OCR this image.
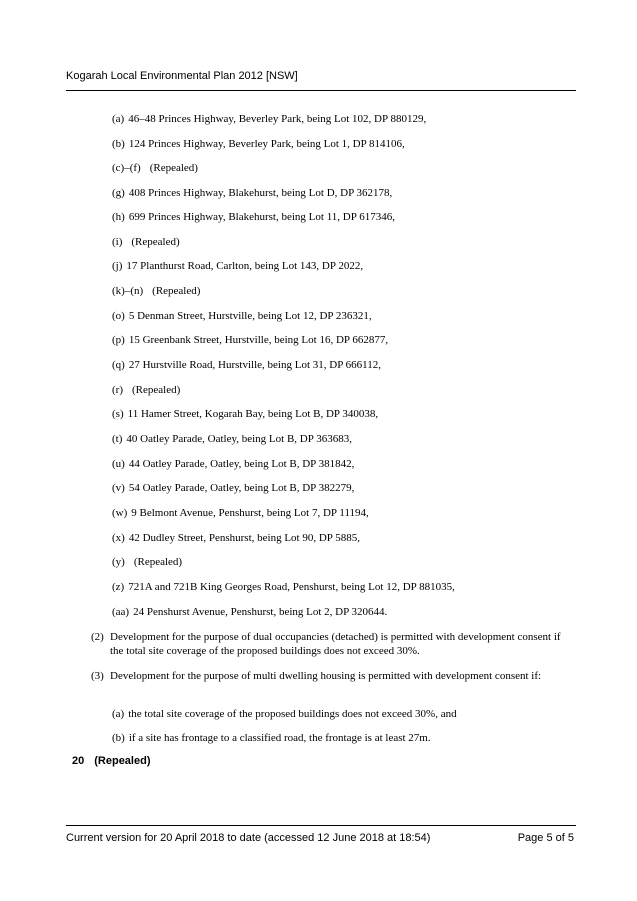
Kogarah Local Environmental Plan 2012 [NSW]
(a) 46–48 Princes Highway, Beverley Park, being Lot 102, DP 880129,
(b) 124 Princes Highway, Beverley Park, being Lot 1, DP 814106,
(c)–(f) (Repealed)
(g) 408 Princes Highway, Blakehurst, being Lot D, DP 362178,
(h) 699 Princes Highway, Blakehurst, being Lot 11, DP 617346,
(i) (Repealed)
(j) 17 Planthurst Road, Carlton, being Lot 143, DP 2022,
(k)–(n) (Repealed)
(o) 5 Denman Street, Hurstville, being Lot 12, DP 236321,
(p) 15 Greenbank Street, Hurstville, being Lot 16, DP 662877,
(q) 27 Hurstville Road, Hurstville, being Lot 31, DP 666112,
(r) (Repealed)
(s) 11 Hamer Street, Kogarah Bay, being Lot B, DP 340038,
(t) 40 Oatley Parade, Oatley, being Lot B, DP 363683,
(u) 44 Oatley Parade, Oatley, being Lot B, DP 381842,
(v) 54 Oatley Parade, Oatley, being Lot B, DP 382279,
(w) 9 Belmont Avenue, Penshurst, being Lot 7, DP 11194,
(x) 42 Dudley Street, Penshurst, being Lot 90, DP 5885,
(y) (Repealed)
(z) 721A and 721B King Georges Road, Penshurst, being Lot 12, DP 881035,
(aa) 24 Penshurst Avenue, Penshurst, being Lot 2, DP 320644.
(2) Development for the purpose of dual occupancies (detached) is permitted with development consent if the total site coverage of the proposed buildings does not exceed 30%.
(3) Development for the purpose of multi dwelling housing is permitted with development consent if:
(a) the total site coverage of the proposed buildings does not exceed 30%, and
(b) if a site has frontage to a classified road, the frontage is at least 27m.
20 (Repealed)
Current version for 20 April 2018 to date (accessed 12 June 2018 at 18:54)	Page 5 of 5
